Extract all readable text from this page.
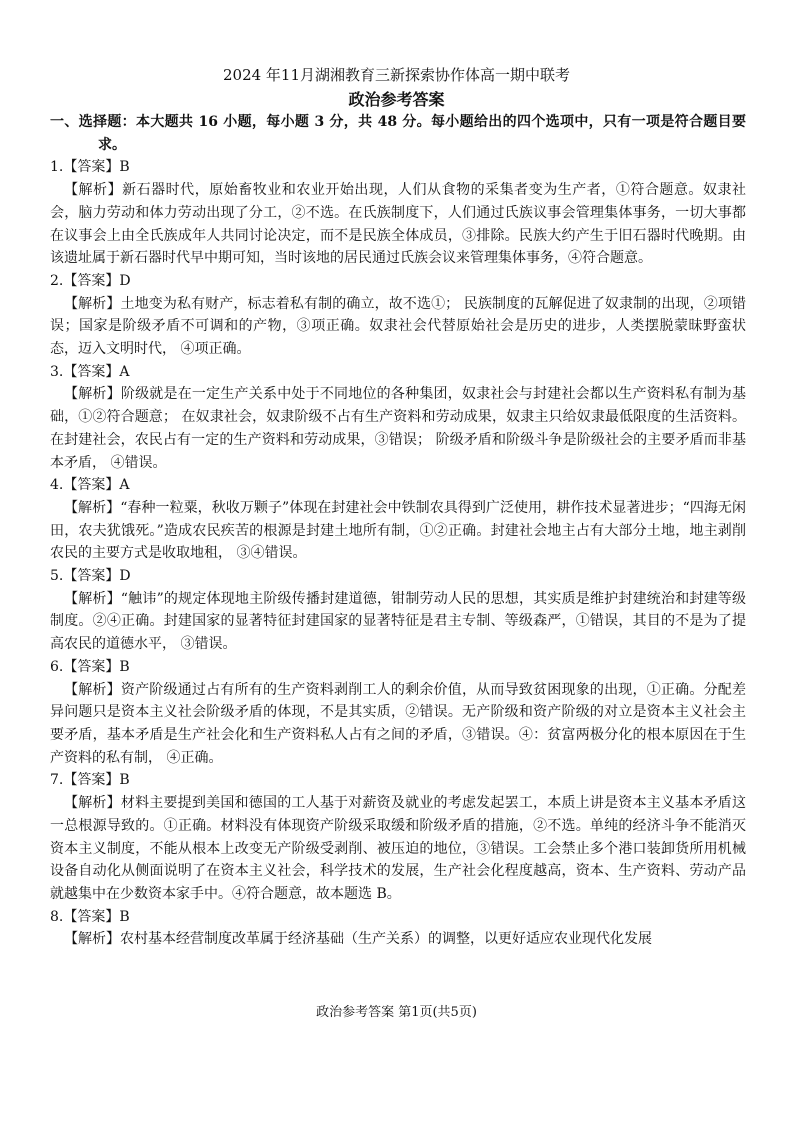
2024 年11月湖湘教育三新探索协作体高一期中联考
政治参考答案

一、选择题：本大题共 16 小题，每小题 3 分，共 48 分。每小题给出的四个选项中，只有一项是符合题目要求。

1.【答案】B

【解析】新石器时代，原始畜牧业和农业开始出现，人们从食物的采集者变为生产者，①符合题意。奴隶社会，脑力劳动和体力劳动出现了分工，②不选。在氏族制度下，人们通过氏族议事会管理集体事务，一切大事都在议事会上由全氏族成年人共同讨论决定，而不是民族全体成员，③排除。民族大约产生于旧石器时代晚期。由该遗址属于新石器时代早中期可知，当时该地的居民通过氏族会议来管理集体事务，④符合题意。

2.【答案】D

【解析】土地变为私有财产，标志着私有制的确立，故不选①； 民族制度的瓦解促进了奴隶制的出现，②项错误；国家是阶级矛盾不可调和的产物，③项正确。奴隶社会代替原始社会是历史的进步，人类摆脱蒙昧野蛮状态，迈入文明时代， ④项正确。

3.【答案】A

【解析】阶级就是在一定生产关系中处于不同地位的各种集团，奴隶社会与封建社会都以生产资料私有制为基础，①②符合题意； 在奴隶社会，奴隶阶级不占有生产资料和劳动成果，奴隶主只给奴隶最低限度的生活资料。在封建社会，农民占有一定的生产资料和劳动成果，③错误； 阶级矛盾和阶级斗争是阶级社会的主要矛盾而非基本矛盾， ④错误。

4.【答案】A

【解析】“春种一粒粟，秋收万颗子”体现在封建社会中铁制农具得到广泛使用，耕作技术显著进步；“四海无闲田，农夫犹饿死。”造成农民疾苦的根源是封建土地所有制，①②正确。封建社会地主占有大部分土地，地主剥削农民的主要方式是收取地租， ③④错误。

5.【答案】D

【解析】“触讳”的规定体现地主阶级传播封建道德，钳制劳动人民的思想，其实质是维护封建统治和封建等级制度。②④正确。封建国家的显著特征封建国家的显著特征是君主专制、等级森严，①错误，其目的不是为了提高农民的道德水平， ③错误。

6.【答案】B

【解析】资产阶级通过占有所有的生产资料剥削工人的剩余价值，从而导致贫困现象的出现，①正确。分配差异问题只是资本主义社会阶级矛盾的体现，不是其实质，②错误。无产阶级和资产阶级的对立是资本主义社会主要矛盾，基本矛盾是生产社会化和生产资料私人占有之间的矛盾，③错误。④：贫富两极分化的根本原因在于生产资料的私有制， ④正确。

7.【答案】B

【解析】材料主要提到美国和德国的工人基于对薪资及就业的考虑发起罢工，本质上讲是资本主义基本矛盾这一总根源导致的。①正确。材料没有体现资产阶级采取缓和阶级矛盾的措施，②不选。单纯的经济斗争不能消灭资本主义制度，不能从根本上改变无产阶级受剥削、被压迫的地位，③错误。工会禁止多个港口装卸货所用机械设备自动化从侧面说明了在资本主义社会，科学技术的发展，生产社会化程度越高，资本、生产资料、劳动产品就越集中在少数资本家手中。④符合题意，故本题选 B。

8.【答案】B

【解析】农村基本经营制度改革属于经济基础（生产关系）的调整，以更好适应农业现代化发展

政治参考答案 第1页(共5页)
